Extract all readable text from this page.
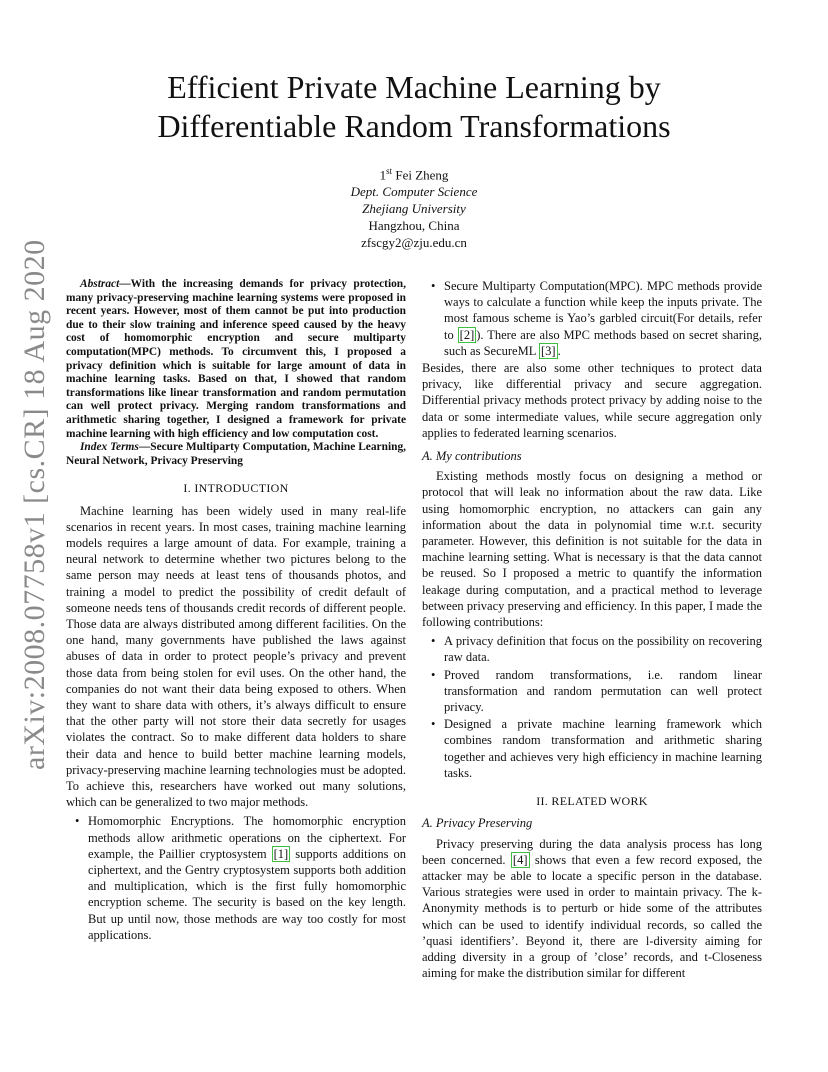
arXiv:2008.07758v1 [cs.CR] 18 Aug 2020
Efficient Private Machine Learning by
Differentiable Random Transformations
1st Fei Zheng
Dept. Computer Science
Zhejiang University
Hangzhou, China
zfscgy2@zju.edu.cn

Abstract—With the increasing demands for privacy protection, many privacy-preserving machine learning systems were proposed in recent years. However, most of them cannot be put into production due to their slow training and inference speed caused by the heavy cost of homomorphic encryption and secure multiparty computation(MPC) methods. To circumvent this, I proposed a privacy definition which is suitable for large amount of data in machine learning tasks. Based on that, I showed that random transformations like linear transformation and random permutation can well protect privacy. Merging random transformations and arithmetic sharing together, I designed a framework for private machine learning with high efficiency and low computation cost.

Index Terms—Secure Multiparty Computation, Machine Learning, Neural Network, Privacy Preserving

I. INTRODUCTION

Machine learning has been widely used in many real-life scenarios in recent years. In most cases, training machine learning models requires a large amount of data. For example, training a neural network to determine whether two pictures belong to the same person may needs at least tens of thousands photos, and training a model to predict the possibility of credit default of someone needs tens of thousands credit records of different people. Those data are always distributed among different facilities. On the one hand, many governments have published the laws against abuses of data in order to protect people’s privacy and prevent those data from being stolen for evil uses. On the other hand, the companies do not want their data being exposed to others. When they want to share data with others, it’s always difficult to ensure that the other party will not store their data secretly for usages violates the contract. So to make different data holders to share their data and hence to build better machine learning models, privacy-preserving machine learning technologies must be adopted. To achieve this, researchers have worked out many solutions, which can be generalized to two major methods.

• Homomorphic Encryptions. The homomorphic encryption methods allow arithmetic operations on the ciphertext. For example, the Paillier cryptosystem [1] supports additions on ciphertext, and the Gentry cryptosystem supports both addition and multiplication, which is the first fully homomorphic encryption scheme. The security is based on the key length. But up until now, those methods are way too costly for most applications.
• Secure Multiparty Computation(MPC). MPC methods provide ways to calculate a function while keep the inputs private. The most famous scheme is Yao’s garbled circuit(For details, refer to [2] ). There are also MPC methods based on secret sharing, such as SecureML [3] .

Besides, there are also some other techniques to protect data privacy, like differential privacy and secure aggregation. Differential privacy methods protect privacy by adding noise to the data or some intermediate values, while secure aggregation only applies to federated learning scenarios.

A. My contributions

Existing methods mostly focus on designing a method or protocol that will leak no information about the raw data. Like using homomorphic encryption, no attackers can gain any information about the data in polynomial time w.r.t. security parameter. However, this definition is not suitable for the data in machine learning setting. What is necessary is that the data cannot be reused. So I proposed a metric to quantify the information leakage during computation, and a practical method to leverage between privacy preserving and efficiency. In this paper, I made the following contributions:

• A privacy definition that focus on the possibility on recovering raw data.
• Proved random transformations, i.e. random linear transformation and random permutation can well protect privacy.
• Designed a private machine learning framework which combines random transformation and arithmetic sharing together and achieves very high efficiency in machine learning tasks.
II. RELATED WORK
A. Privacy Preserving

Privacy preserving during the data analysis process has long been concerned. [4] shows that even a few record exposed, the attacker may be able to locate a specific person in the database. Various strategies were used in order to maintain privacy. The k-Anonymity methods is to perturb or hide some of the attributes which can be used to identify individual records, so called the ’quasi identifiers’. Beyond it, there are l-diversity aiming for adding diversity in a group of ’close’ records, and t-Closeness aiming for make the distribution similar for different
